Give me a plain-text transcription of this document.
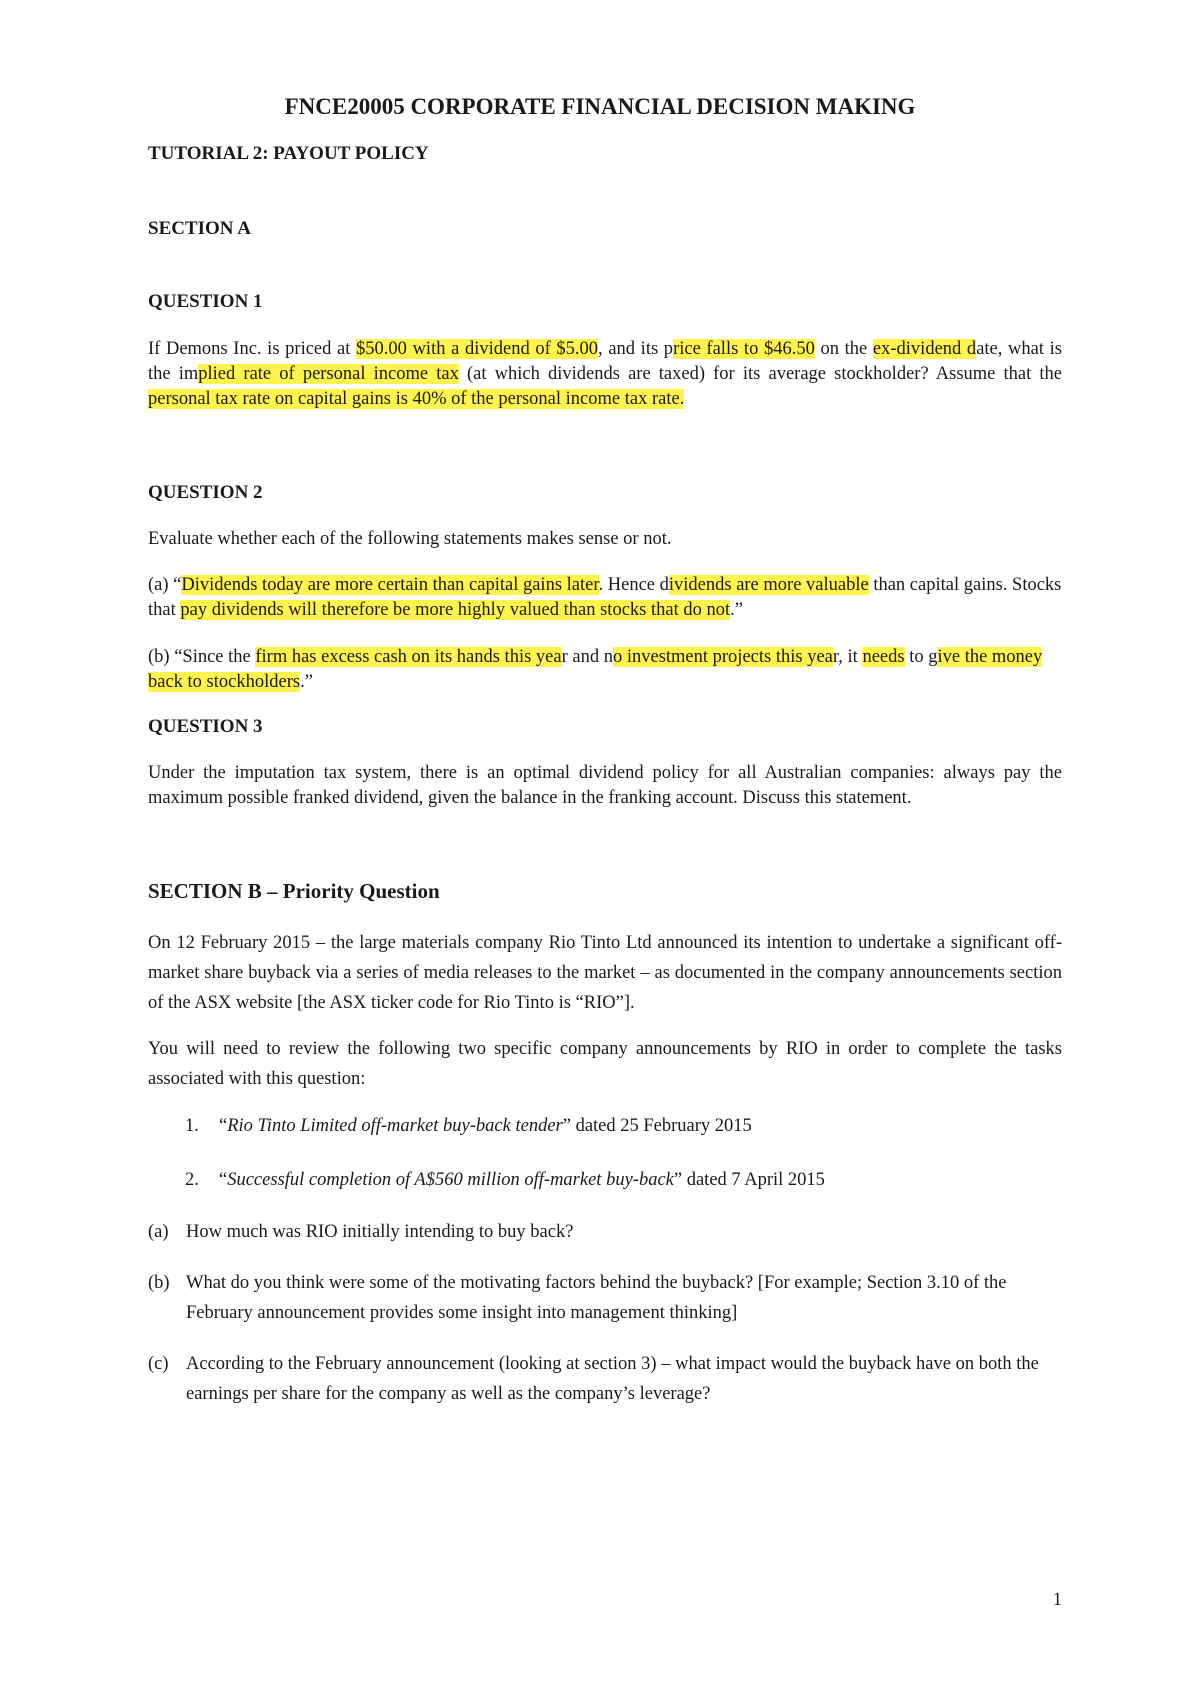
FNCE20005 CORPORATE FINANCIAL DECISION MAKING
TUTORIAL 2: PAYOUT POLICY
SECTION A
QUESTION 1
If Demons Inc. is priced at $50.00 with a dividend of $5.00, and its price falls to $46.50 on the ex-dividend date, what is the implied rate of personal income tax (at which dividends are taxed) for its average stockholder? Assume that the personal tax rate on capital gains is 40% of the personal income tax rate.
QUESTION 2
Evaluate whether each of the following statements makes sense or not.
(a) “Dividends today are more certain than capital gains later. Hence dividends are more valuable than capital gains. Stocks that pay dividends will therefore be more highly valued than stocks that do not.”
(b) “Since the firm has excess cash on its hands this year and no investment projects this year, it needs to give the money back to stockholders.”
QUESTION 3
Under the imputation tax system, there is an optimal dividend policy for all Australian companies: always pay the maximum possible franked dividend, given the balance in the franking account. Discuss this statement.
SECTION B – Priority Question
On 12 February 2015 – the large materials company Rio Tinto Ltd announced its intention to undertake a significant off-market share buyback via a series of media releases to the market – as documented in the company announcements section of the ASX website [the ASX ticker code for Rio Tinto is “RIO”].
You will need to review the following two specific company announcements by RIO in order to complete the tasks associated with this question:
1. “Rio Tinto Limited off-market buy-back tender” dated 25 February 2015
2. “Successful completion of A$560 million off-market buy-back” dated 7 April 2015
(a) How much was RIO initially intending to buy back?
(b) What do you think were some of the motivating factors behind the buyback? [For example; Section 3.10 of the February announcement provides some insight into management thinking]
(c) According to the February announcement (looking at section 3) – what impact would the buyback have on both the earnings per share for the company as well as the company’s leverage?
1
